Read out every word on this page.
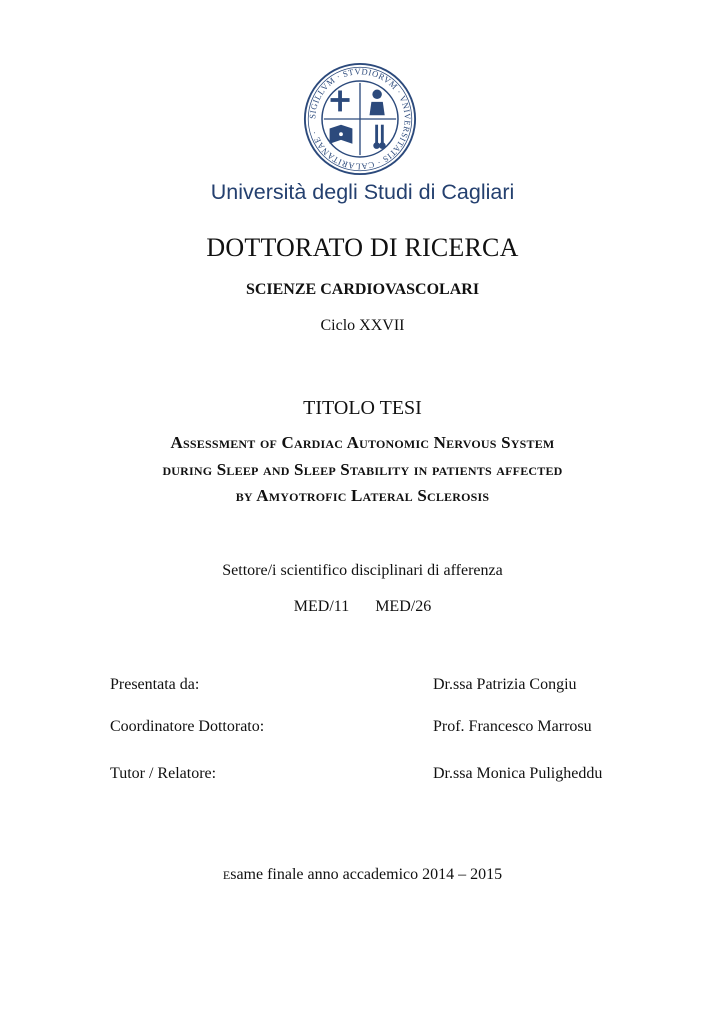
SIGILLVM · STVDIORVM · VNIVERSITATIS · CALARITANAE ·
Università degli Studi di Cagliari
DOTTORATO DI RICERCA
SCIENZE CARDIOVASCOLARI
Ciclo XXVII
TITOLO TESI
Assessment of Cardiac Autonomic Nervous System
during Sleep and Sleep Stability in patients affected
by Amyotrofic Lateral Sclerosis
Settore/i scientifico disciplinari di afferenza
MED/11 MED/26
Presentata da:	Dr.ssa Patrizia Congiu
Coordinatore Dottorato:	Prof. Francesco Marrosu
Tutor / Relatore:	Dr.ssa Monica Puligheddu
Esame finale anno accademico 2014 – 2015
